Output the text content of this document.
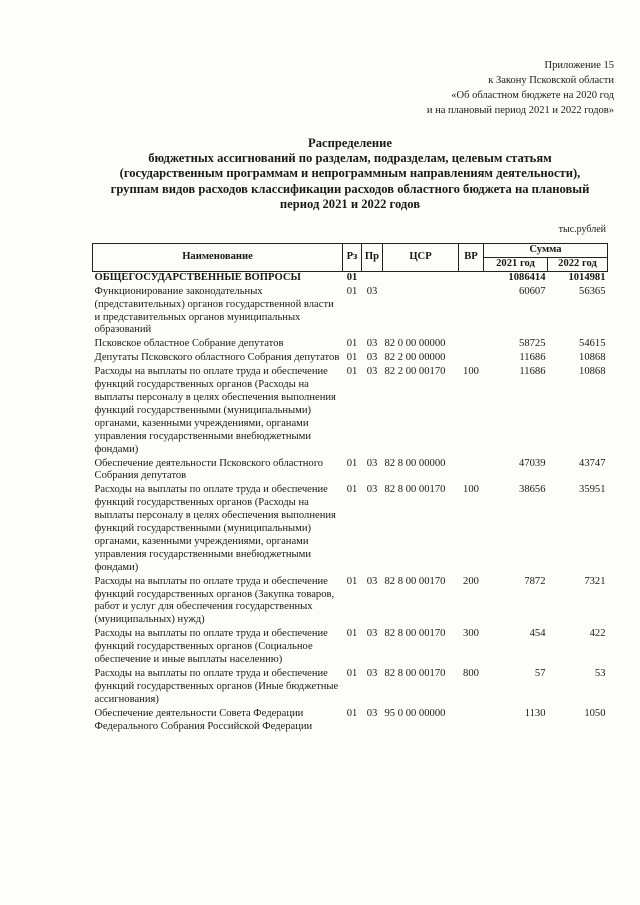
Приложение 15
к Закону Псковской области
«Об областном бюджете на 2020 год
и на плановый период 2021 и 2022 годов»
Распределение
бюджетных ассигнований по разделам, подразделам, целевым статьям
(государственным программам и непрограммным направлениям деятельности),
группам видов расходов классификации расходов областного бюджета на плановый
период 2021 и 2022 годов
тыс.рублей
Наименование	Рз	Пр	ЦСР	ВР	Сумма	
					2021 год	2022 год
ОБЩЕГОСУДАРСТВЕННЫЕ ВОПРОСЫ	01				1086414	1014981
Функционирование законодательных (представительных) органов государственной власти и представительных органов муниципальных образований	01	03			60607	56365
Псковское областное Собрание депутатов	01	03	82 0 00 00000		58725	54615
Депутаты Псковского областного Собрания депутатов	01	03	82 2 00 00000		11686	10868
Расходы на выплаты по оплате труда и обеспечение функций государственных органов (Расходы на выплаты персоналу в целях обеспечения выполнения функций государственными (муниципальными) органами, казенными учреждениями, органами управления государственными внебюджетными фондами)	01	03	82 2 00 00170	100	11686	10868
Обеспечение деятельности Псковского областного Собрания депутатов	01	03	82 8 00 00000		47039	43747
Расходы на выплаты по оплате труда и обеспечение функций государственных органов (Расходы на выплаты персоналу в целях обеспечения выполнения функций государственными (муниципальными) органами, казенными учреждениями, органами управления государственными внебюджетными фондами)	01	03	82 8 00 00170	100	38656	35951
Расходы на выплаты по оплате труда и обеспечение функций государственных органов (Закупка товаров, работ и услуг для обеспечения государственных (муниципальных) нужд)	01	03	82 8 00 00170	200	7872	7321
Расходы на выплаты по оплате труда и обеспечение функций государственных органов (Социальное обеспечение и иные выплаты населению)	01	03	82 8 00 00170	300	454	422
Расходы на выплаты по оплате труда и обеспечение функций государственных органов (Иные бюджетные ассигнования)	01	03	82 8 00 00170	800	57	53
Обеспечение деятельности Совета Федерации Федерального Собрания Российской Федерации	01	03	95 0 00 00000		1130	1050
